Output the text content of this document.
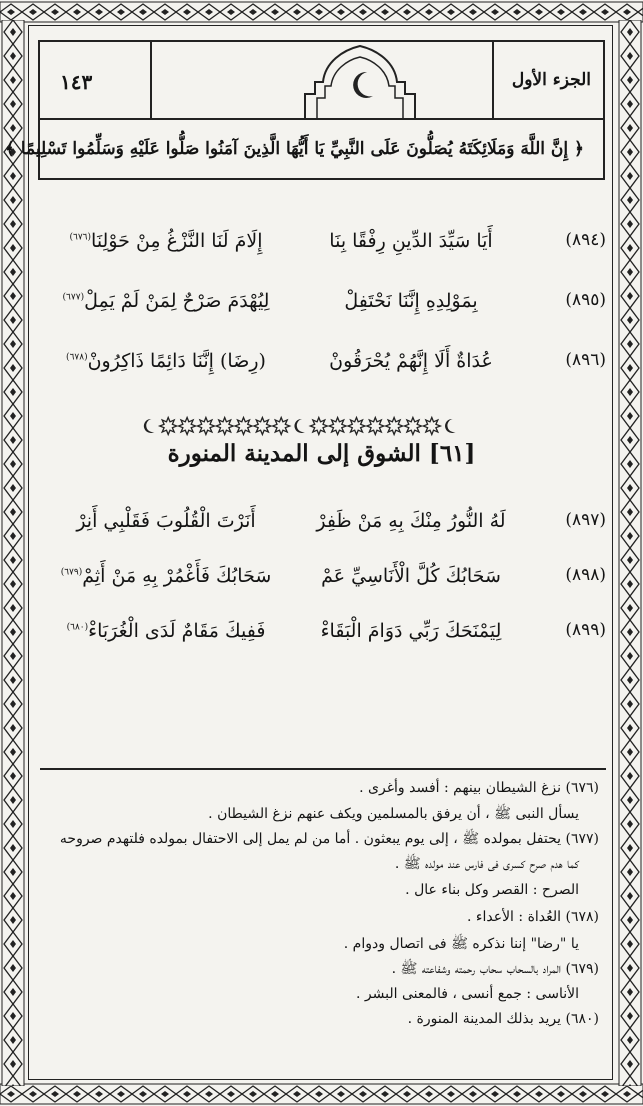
١٤٣	الجزء الأول
﴿ إِنَّ اللَّهَ وَمَلَائِكَتَهُ يُصَلُّونَ عَلَى النَّبِيِّ يَا أَيُّهَا الَّذِينَ آمَنُوا صَلُّوا عَلَيْهِ وَسَلِّمُوا تَسْلِيمًا ﴾
(٨٩٤)
أَيَا سَيِّدَ الدِّينِ رِفْقًا بِنَا
إِلَامَ لَنَا النَّزْغُ مِنْ حَوْلِنَا$^{(٦٧٦)}$
(٨٩٥)
بِمَوْلِدِهِ إِنَّنَا نَحْتَفِلْ
لِيُهْدَمَ صَرْحٌ لِمَنْ لَمْ يَمِلْ$^{(٦٧٧)}$
(٨٩٦)
عُدَاةٌ أَلَا إِنَّهُمْ يُحْرَقُونْ
(رِضَا) إِنَّنَا دَائِمًا ذَاكِرُونْ$^{(٦٧٨)}$
[٦١] الشوق إلى المدينة المنورة
(٨٩٧)
لَهُ النُّورُ مِنْكَ بِهِ مَنْ ظَفِرْ
أَنَرْتَ الْقُلُوبَ فَقَلْبِي أَنِرْ
(٨٩٨)
سَحَابُكَ كُلَّ الْأَنَاسِيِّ عَمْ
سَحَابُكَ فَأَغْمُرْ بِهِ مَنْ أَثِمْ$^{(٦٧٩)}$
(٨٩٩)
لِيَمْنَحَكَ رَبِّي دَوَامَ الْبَقَاءْ
فَفِيكَ مَقَامٌ لَدَى الْغُرَبَاءْ$^{(٦٨٠)}$
(٦٧٦) نزغ الشيطان بينهم : أفسد وأغرى .
يسأل النبى ﷺ ، أن يرفق بالمسلمين ويكف عنهم نزغ الشيطان .
(٦٧٧) يحتفل بمولده ﷺ ، إلى يوم يبعثون . أما من لم يمل إلى الاحتفال بمولده فلتهدم صروحه
كما هدم صرح كسرى فى فارس عند مولده ﷺ .
الصرح : القصر وكل بناء عال .
(٦٧٨) العُداة : الأعداء .
يا "رضا" إننا نذكره ﷺ فى اتصال ودوام .
(٦٧٩) المراد بالسحاب سحاب رحمته وشفاعته ﷺ .
الأناسى : جمع أنسى ، فالمعنى البشر .
(٦٨٠) يريد بذلك المدينة المنورة .
